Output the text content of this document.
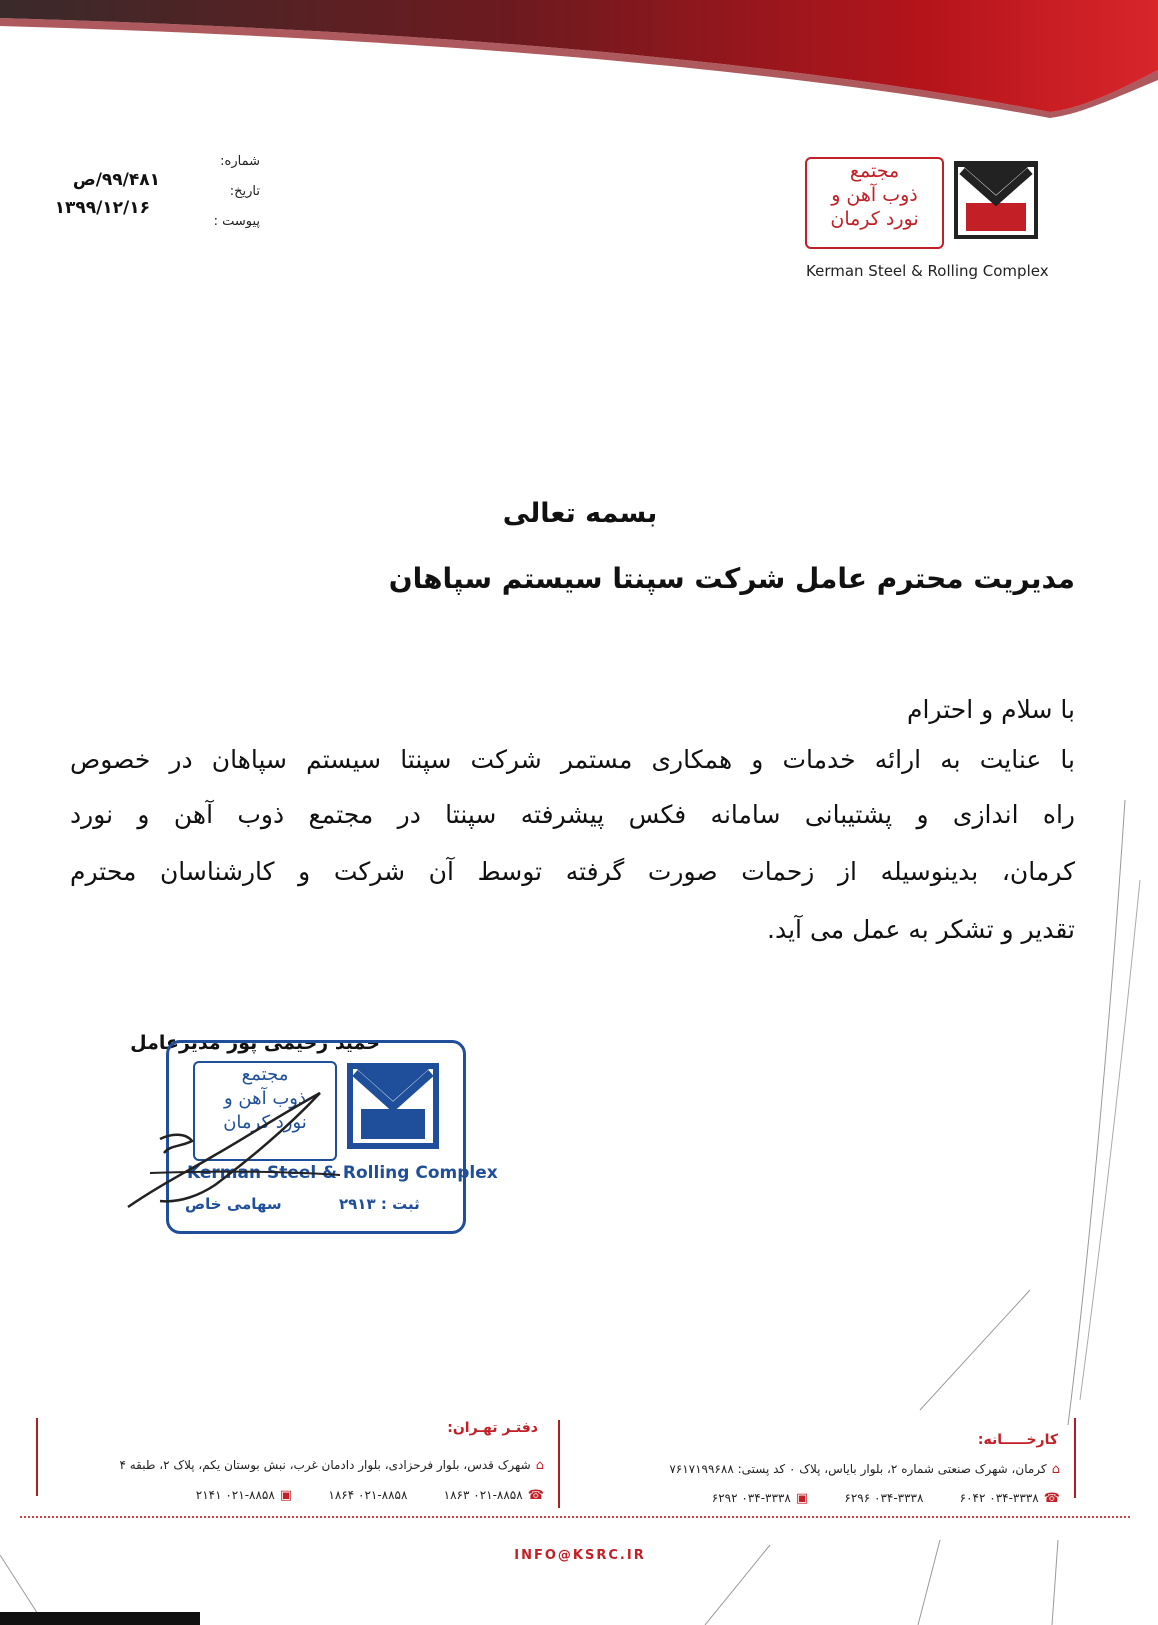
شماره:
تاریخ:
پیوست :
۹۹/۴۸۱/ص
۱۳۹۹/۱۲/۱۶
مجتمع
ذوب آهن و
نورد کرمان
Kerman Steel & Rolling Complex
بسمه تعالی
مدیریت محترم عامل شرکت سپنتا سیستم سپاهان
با سلام و احترام
با عنایت به ارائه خدمات و همکاری مستمر شرکت سپنتا سیستم سپاهان در خصوص
راه اندازی و پشتیبانی سامانه فکس پیشرفته سپنتا در مجتمع ذوب آهن و نورد
کرمان، بدینوسیله از زحمات صورت گرفته توسط آن شرکت و کارشناسان محترم
تقدیر و تشکر به عمل می آید.
حمید رحیمی پور مدیرعامل
مجتمع
ذوب آهن و
نورد کرمان
Kerman Steel & Rolling Complex
سهامی خاص	ثبت : ۲۹۱۳
کارخـــــانه:
⌂ کرمان، شهرک صنعتی شماره ۲، بلوار بایاس، پلاک ۰ کد پستی: ۷۶۱۷۱۹۹۶۸۸
☎ ۰۳۴-۳۳۳۸ ۶۰۴۲  ۰۳۴-۳۳۳۸ ۶۲۹۶  ▣ ۰۳۴-۳۳۳۸ ۶۲۹۲
دفتـر تهـران:
⌂ شهرک قدس، بلوار فرحزادی، بلوار دادمان غرب، نبش بوستان یکم، پلاک ۲، طبقه ۴
☎ ۰۲۱-۸۸۵۸ ۱۸۶۳  ۰۲۱-۸۸۵۸ ۱۸۶۴  ▣ ۰۲۱-۸۸۵۸ ۲۱۴۱
INFO@KSRC.IR
